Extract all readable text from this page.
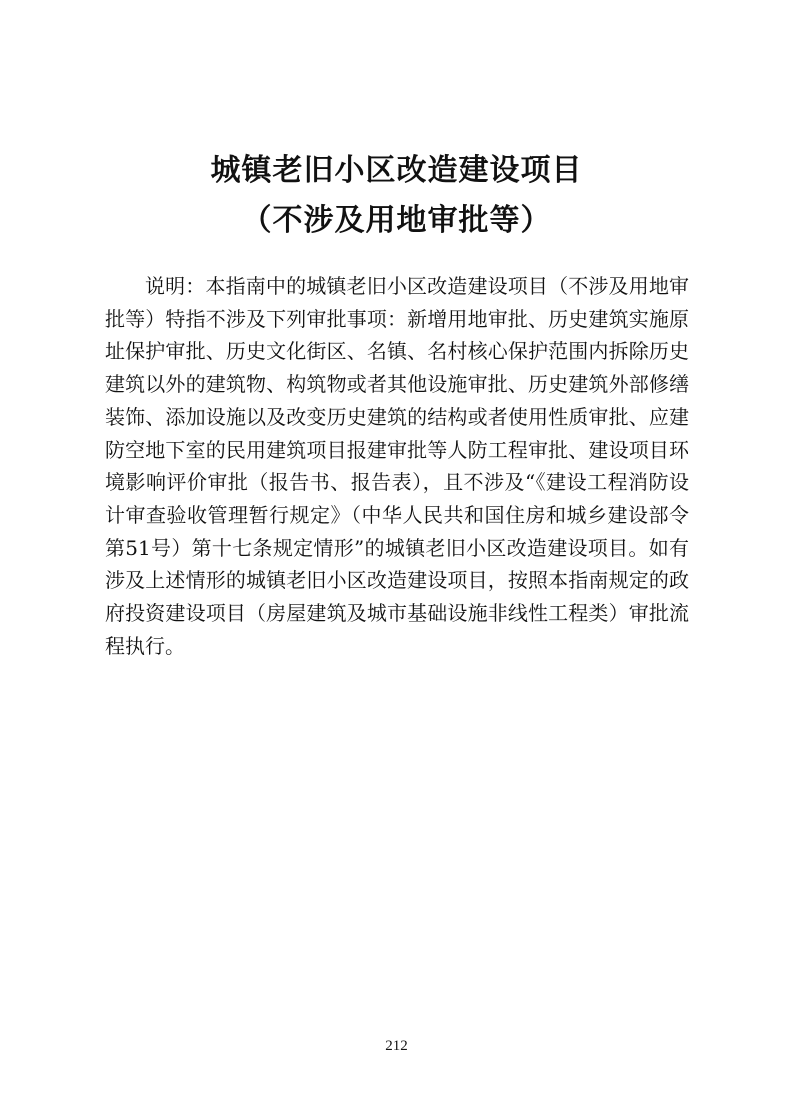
城镇老旧小区改造建设项目
（不涉及用地审批等）

说明：本指南中的城镇老旧小区改造建设项目（不涉及用地审批等）特指不涉及下列审批事项：新增用地审批、历史建筑实施原址保护审批、历史文化街区、名镇、名村核心保护范围内拆除历史建筑以外的建筑物、构筑物或者其他设施审批、历史建筑外部修缮装饰、添加设施以及改变历史建筑的结构或者使用性质审批、应建防空地下室的民用建筑项目报建审批等人防工程审批、建设项目环境影响评价审批（报告书、报告表），且不涉及“《建设工程消防设计审查验收管理暂行规定》（中华人民共和国住房和城乡建设部令第51号）第十七条规定情形”的城镇老旧小区改造建设项目。如有涉及上述情形的城镇老旧小区改造建设项目，按照本指南规定的政府投资建设项目（房屋建筑及城市基础设施非线性工程类）审批流程执行。

212
